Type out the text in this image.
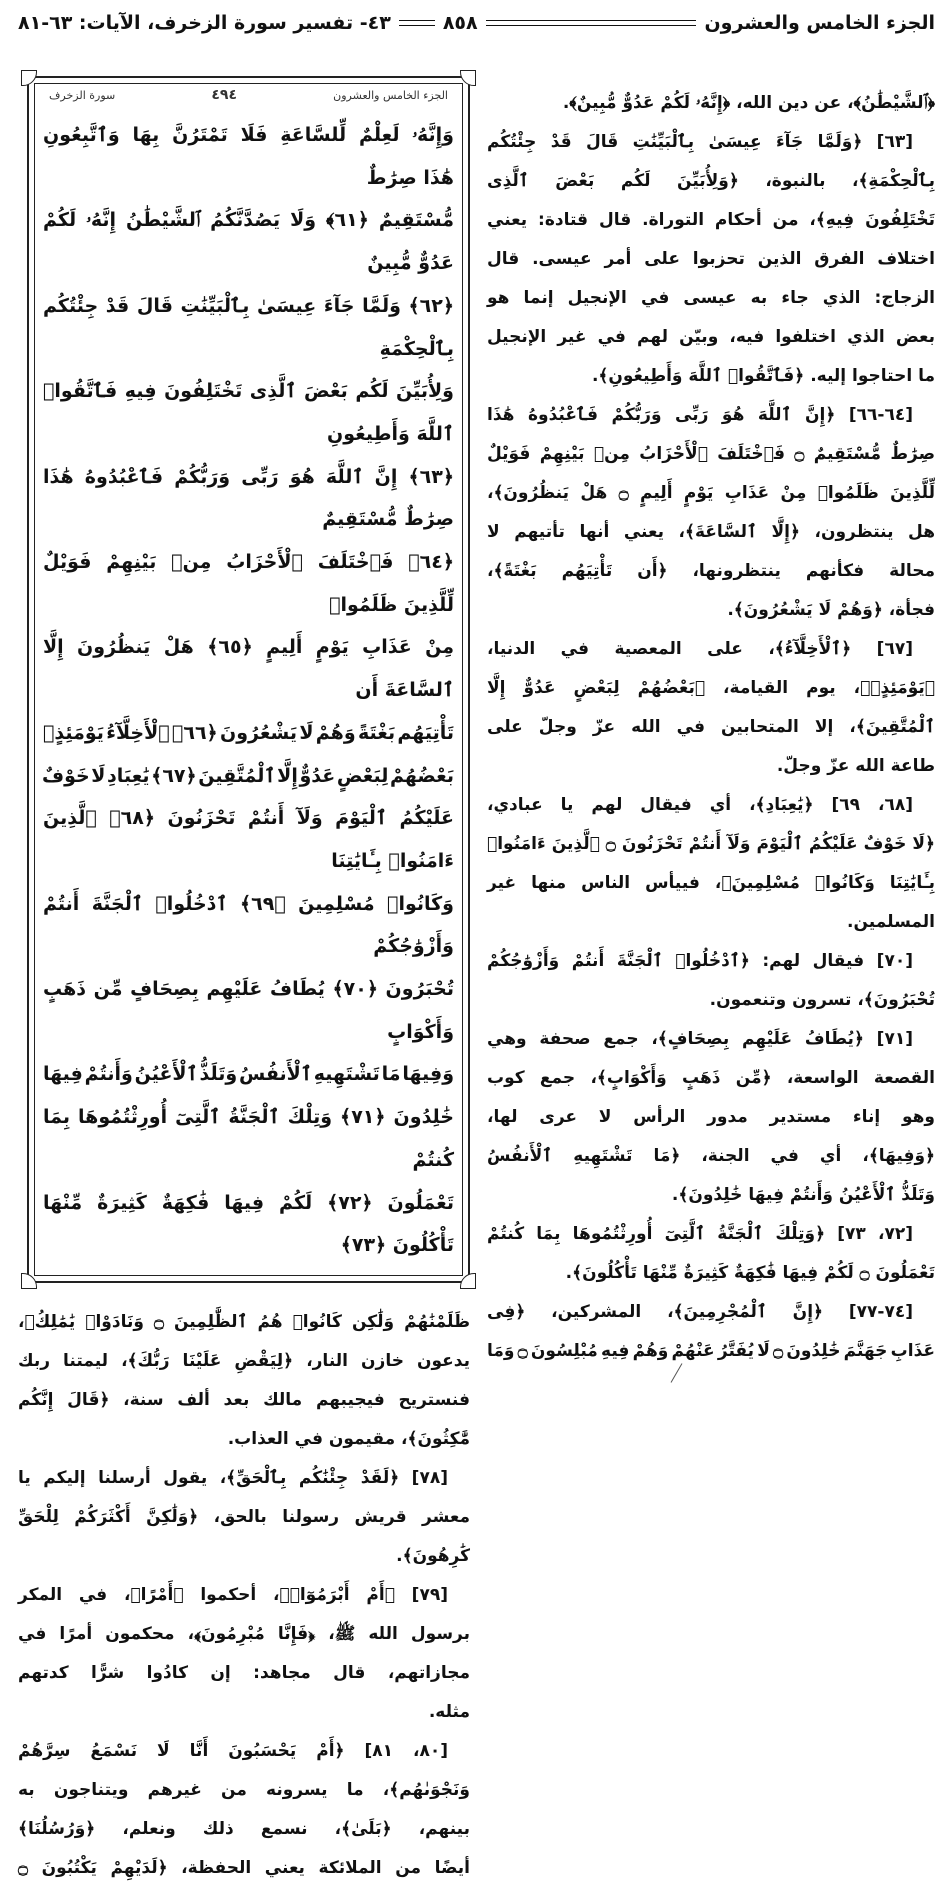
الجزء الخامس والعشرون
٨٥٨
٤٣- تفسير سورة الزخرف، الآيات: ٦٣-٨١
الجزء الخامس والعشرون
٤٩٤
سورة الزخرف
وَإِنَّهُۥ لَعِلْمٌ لِّلسَّاعَةِ فَلَا تَمْتَرُنَّ بِهَا وَٱتَّبِعُونِ هَٰذَا صِرَٰطٌ
مُّسْتَقِيمٌ ﴿٦١﴾ وَلَا يَصُدَّنَّكُمُ ٱلشَّيْطَٰنُ إِنَّهُۥ لَكُمْ عَدُوٌّ مُّبِينٌ
﴿٦٢﴾ وَلَمَّا جَآءَ عِيسَىٰ بِٱلْبَيِّنَٰتِ قَالَ قَدْ جِئْتُكُم بِٱلْحِكْمَةِ
وَلِأُبَيِّنَ لَكُم بَعْضَ ٱلَّذِى تَخْتَلِفُونَ فِيهِ فَٱتَّقُوا۟ ٱللَّهَ وَأَطِيعُونِ
﴿٦٣﴾ إِنَّ ٱللَّهَ هُوَ رَبِّى وَرَبُّكُمْ فَٱعْبُدُوهُ هَٰذَا صِرَٰطٌ مُّسْتَقِيمٌ
﴿٦٤﴾ فَٱخْتَلَفَ ٱلْأَحْزَابُ مِنۢ بَيْنِهِمْ فَوَيْلٌ لِّلَّذِينَ ظَلَمُوا۟
مِنْ عَذَابِ يَوْمٍ أَلِيمٍ ﴿٦٥﴾ هَلْ يَنظُرُونَ إِلَّا ٱلسَّاعَةَ أَن
تَأْتِيَهُم بَغْتَةً وَهُمْ لَا يَشْعُرُونَ ﴿٦٦﴾ ٱلْأَخِلَّآءُ يَوْمَئِذٍۭ
بَعْضُهُمْ لِبَعْضٍ عَدُوٌّ إِلَّا ٱلْمُتَّقِينَ ﴿٦٧﴾ يَٰعِبَادِ لَا خَوْفٌ
عَلَيْكُمُ ٱلْيَوْمَ وَلَآ أَنتُمْ تَحْزَنُونَ ﴿٦٨﴾ ٱلَّذِينَ ءَامَنُوا۟ بِـَٔايَٰتِنَا
وَكَانُوا۟ مُسْلِمِينَ ﴿٦٩﴾ ٱدْخُلُوا۟ ٱلْجَنَّةَ أَنتُمْ وَأَزْوَٰجُكُمْ
تُحْبَرُونَ ﴿٧٠﴾ يُطَافُ عَلَيْهِم بِصِحَافٍ مِّن ذَهَبٍ وَأَكْوَابٍ
وَفِيهَا مَا تَشْتَهِيهِ ٱلْأَنفُسُ وَتَلَذُّ ٱلْأَعْيُنُ وَأَنتُمْ فِيهَا
خَٰلِدُونَ ﴿٧١﴾ وَتِلْكَ ٱلْجَنَّةُ ٱلَّتِىٓ أُورِثْتُمُوهَا بِمَا كُنتُمْ
تَعْمَلُونَ ﴿٧٢﴾ لَكُمْ فِيهَا فَٰكِهَةٌ كَثِيرَةٌ مِّنْهَا تَأْكُلُونَ ﴿٧٣﴾
﴿ٱلشَّيْطَٰنُ﴾، عن دين الله، ﴿إِنَّهُۥ لَكُمْ عَدُوٌّ مُّبِينٌ﴾.
[٦٣] ﴿وَلَمَّا جَآءَ عِيسَىٰ بِٱلْبَيِّنَٰتِ قَالَ قَدْ جِئْتُكُم
بِٱلْحِكْمَةِ﴾، بالنبوة، ﴿وَلِأُبَيِّنَ لَكُم بَعْضَ ٱلَّذِى
تَخْتَلِفُونَ فِيهِ﴾، من أحكام التوراة. قال قتادة: يعني
اختلاف الفرق الذين تحزبوا على أمر عيسى. قال
الزجاج: الذي جاء به عيسى في الإنجيل إنما هو
بعض الذي اختلفوا فيه، وبيّن لهم في غير الإنجيل
ما احتاجوا إليه. ﴿فَٱتَّقُوا۟ ٱللَّهَ وَأَطِيعُونِ﴾.
[٦٤-٦٦] ﴿إِنَّ ٱللَّهَ هُوَ رَبِّى وَرَبُّكُمْ فَٱعْبُدُوهُ هَٰذَا
صِرَٰطٌ مُّسْتَقِيمٌ ۝ فَٱخْتَلَفَ ٱلْأَحْزَابُ مِنۢ بَيْنِهِمْ فَوَيْلٌ
لِّلَّذِينَ ظَلَمُوا۟ مِنْ عَذَابِ يَوْمٍ أَلِيمٍ ۝ هَلْ يَنظُرُونَ﴾،
هل ينتظرون، ﴿إِلَّا ٱلسَّاعَةَ﴾، يعني أنها تأتيهم لا
محالة فكأنهم ينتظرونها، ﴿أَن تَأْتِيَهُم بَغْتَةً﴾،
فجأة، ﴿وَهُمْ لَا يَشْعُرُونَ﴾.
[٦٧] ﴿ٱلْأَخِلَّآءُ﴾، على المعصية في الدنيا،
﴿يَوْمَئِذٍۭ﴾، يوم القيامة، ﴿بَعْضُهُمْ لِبَعْضٍ عَدُوٌّ إِلَّا
ٱلْمُتَّقِينَ﴾، إلا المتحابين في الله عزّ وجلّ على
طاعة الله عزّ وجلّ.
[٦٨، ٦٩] ﴿يَٰعِبَادِ﴾، أي فيقال لهم يا عبادي،
﴿لَا خَوْفٌ عَلَيْكُمُ ٱلْيَوْمَ وَلَآ أَنتُمْ تَحْزَنُونَ ۝ ٱلَّذِينَ ءَامَنُوا۟
بِـَٔايَٰتِنَا وَكَانُوا۟ مُسْلِمِينَ﴾، فييأس الناس منها غير
المسلمين.
[٧٠] فيقال لهم: ﴿ٱدْخُلُوا۟ ٱلْجَنَّةَ أَنتُمْ وَأَزْوَٰجُكُمْ
تُحْبَرُونَ﴾، تسرون وتنعمون.
[٧١] ﴿يُطَافُ عَلَيْهِم بِصِحَافٍ﴾، جمع صحفة وهي
القصعة الواسعة، ﴿مِّن ذَهَبٍ وَأَكْوَابٍ﴾، جمع كوب
وهو إناء مستدير مدور الرأس لا عرى لها،
﴿وَفِيهَا﴾، أي في الجنة، ﴿مَا تَشْتَهِيهِ ٱلْأَنفُسُ
وَتَلَذُّ ٱلْأَعْيُنُ وَأَنتُمْ فِيهَا خَٰلِدُونَ﴾.
[٧٢، ٧٣] ﴿وَتِلْكَ ٱلْجَنَّةُ ٱلَّتِىٓ أُورِثْتُمُوهَا بِمَا كُنتُمْ
تَعْمَلُونَ ۝ لَكُمْ فِيهَا فَٰكِهَةٌ كَثِيرَةٌ مِّنْهَا تَأْكُلُونَ﴾.
[٧٤-٧٧] ﴿إِنَّ ٱلْمُجْرِمِينَ﴾، المشركين، ﴿فِى
عَذَابِ جَهَنَّمَ خَٰلِدُونَ ۝ لَا يُفَتَّرُ عَنْهُمْ وَهُمْ فِيهِ مُبْلِسُونَ ۝ وَمَا
ظَلَمْنَٰهُمْ وَلَٰكِن كَانُوا۟ هُمُ ٱلظَّٰلِمِينَ ۝ وَنَادَوْا۟ يَٰمَٰلِكُ﴾،
يدعون خازن النار، ﴿لِيَقْضِ عَلَيْنَا رَبُّكَ﴾، ليمتنا ربك
فنستريح فيجيبهم مالك بعد ألف سنة، ﴿قَالَ إِنَّكُم
مَّٰكِثُونَ﴾، مقيمون في العذاب.
[٧٨] ﴿لَقَدْ جِئْنَٰكُم بِٱلْحَقِّ﴾، يقول أرسلنا إليكم يا
معشر قريش رسولنا بالحق، ﴿وَلَٰكِنَّ أَكْثَرَكُمْ لِلْحَقِّ
كَٰرِهُونَ﴾.
[٧٩] ﴿أَمْ أَبْرَمُوٓا۟﴾، أحكموا ﴿أَمْرًا﴾، في المكر
برسول الله ﷺ، ﴿فَإِنَّا مُبْرِمُونَ﴾، محكمون أمرًا في
مجازاتهم، قال مجاهد: إن كادُوا شرًّا كدتهم
مثله.
[٨٠، ٨١] ﴿أَمْ يَحْسَبُونَ أَنَّا لَا نَسْمَعُ سِرَّهُمْ
وَنَجْوَىٰهُم﴾، ما يسرونه من غيرهم ويتناجون به
بينهم، ﴿بَلَىٰ﴾، نسمع ذلك ونعلم، ﴿وَرُسُلُنَا﴾
أيضًا من الملائكة يعني الحفظة، ﴿لَدَيْهِمْ يَكْتُبُونَ ۝
